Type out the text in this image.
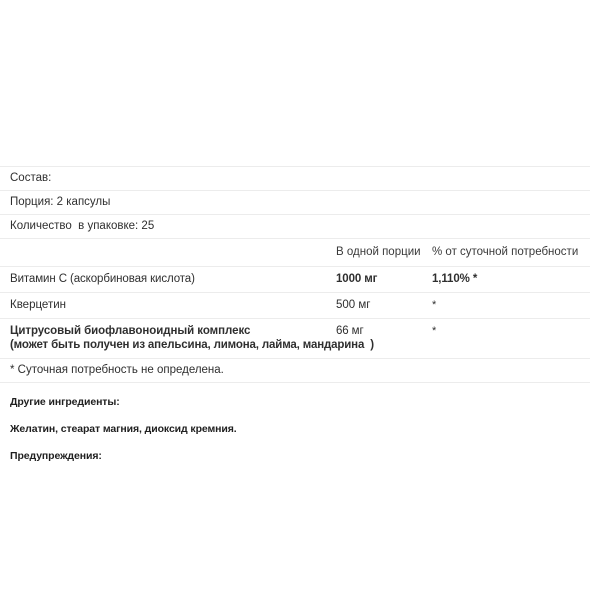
Состав:
Порция: 2 капсулы
Количество  в упаковке: 25
	В одной порции	% от суточной потребности
Витамин С (аскорбиновая кислота)	1000 мг	1,110% *
Кверцетин	500 мг	*

Цитрусовый биофлавоноидный комплекс
(может быть получен из апельсина, лимона, лайма, мандарина  )	66 мг	*
* Суточная потребность не определена.
Другие ингредиенты:
Желатин, стеарат магния, диоксид кремния.
Предупреждения:
